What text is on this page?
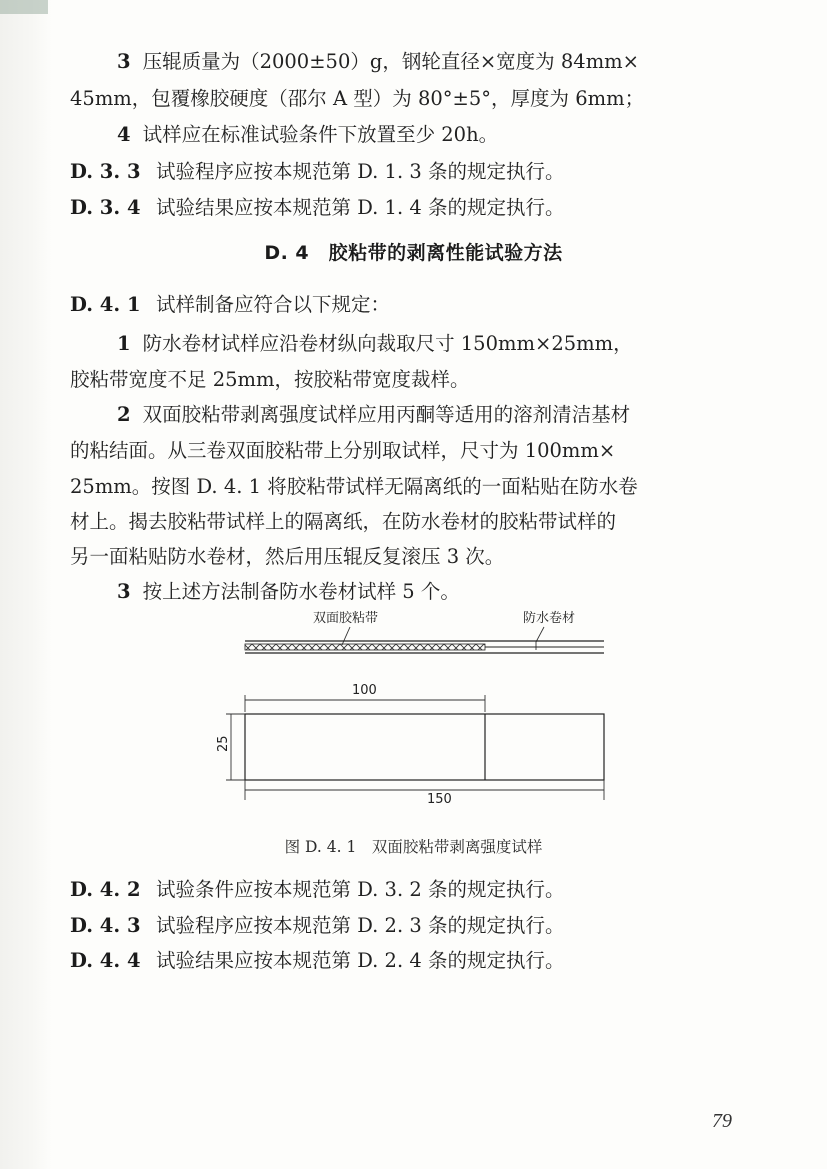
3 压辊质量为（2000±50）g，钢轮直径×宽度为 84mm×
45mm，包覆橡胶硬度（邵尔 A 型）为 80°±5°，厚度为 6mm；
4 试样应在标准试验条件下放置至少 20h。
D. 3. 3 试验程序应按本规范第 D. 1. 3 条的规定执行。
D. 3. 4 试验结果应按本规范第 D. 1. 4 条的规定执行。
D. 4　胶粘带的剥离性能试验方法
D. 4. 1 试样制备应符合以下规定：
1 防水卷材试样应沿卷材纵向裁取尺寸 150mm×25mm，
胶粘带宽度不足 25mm，按胶粘带宽度裁样。
2 双面胶粘带剥离强度试样应用丙酮等适用的溶剂清洁基材
的粘结面。从三卷双面胶粘带上分别取试样，尺寸为 100mm×
25mm。按图 D. 4. 1 将胶粘带试样无隔离纸的一面粘贴在防水卷
材上。揭去胶粘带试样上的隔离纸，在防水卷材的胶粘带试样的
另一面粘贴防水卷材，然后用压辊反复滚压 3 次。
3 按上述方法制备防水卷材试样 5 个。
双面胶粘带	防水卷材
100
25
150
图 D. 4. 1　双面胶粘带剥离强度试样
D. 4. 2 试验条件应按本规范第 D. 3. 2 条的规定执行。
D. 4. 3 试验程序应按本规范第 D. 2. 3 条的规定执行。
D. 4. 4 试验结果应按本规范第 D. 2. 4 条的规定执行。
79
